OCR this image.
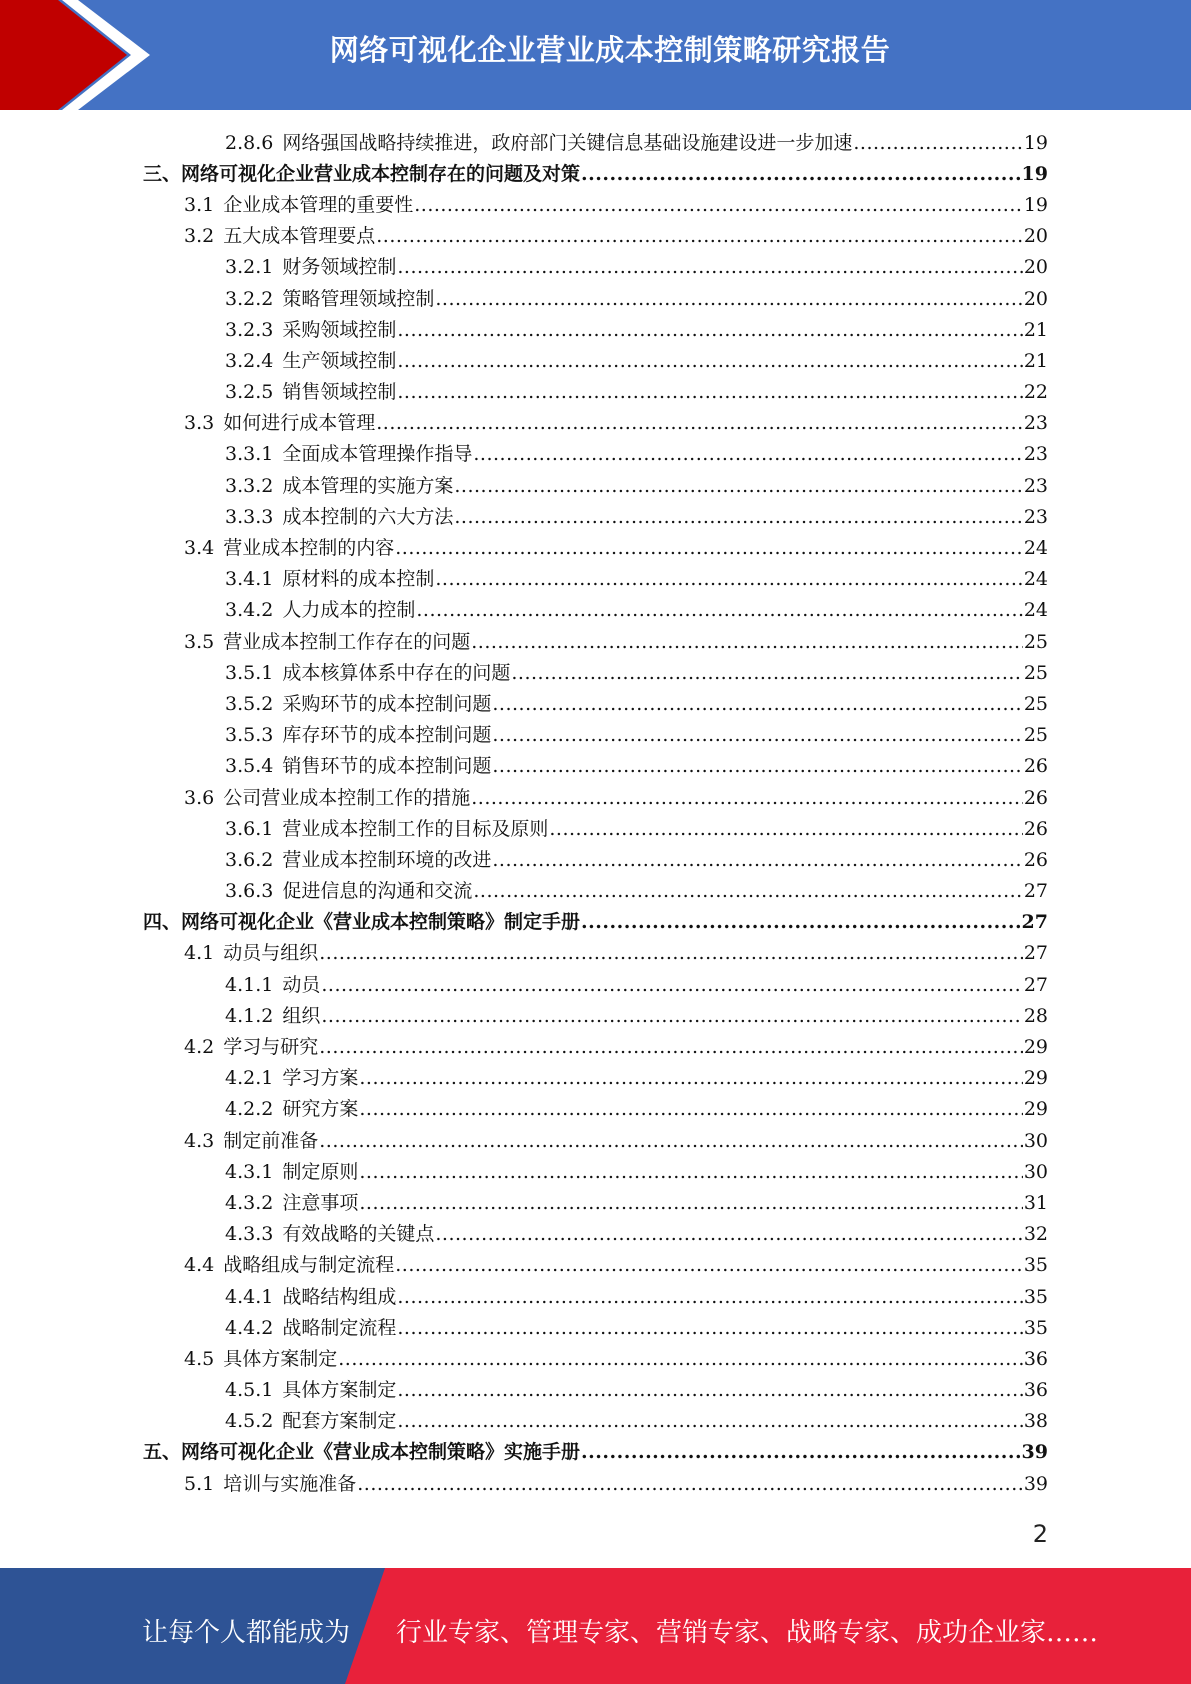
网络可视化企业营业成本控制策略研究报告
2.8.6 网络强国战略持续推进，政府部门关键信息基础设施建设进一步加速 .....	19
三、 网络可视化企业营业成本控制存在的问题及对策 .....	19
3.1 企业成本管理的重要性 .....	19
3.2 五大成本管理要点 .....	20
3.2.1 财务领域控制 .....	20
3.2.2 策略管理领域控制 .....	20
3.2.3 采购领域控制 .....	21
3.2.4 生产领域控制 .....	21
3.2.5 销售领域控制 .....	22
3.3 如何进行成本管理 .....	23
3.3.1 全面成本管理操作指导 .....	23
3.3.2 成本管理的实施方案 .....	23
3.3.3 成本控制的六大方法 .....	23
3.4 营业成本控制的内容 .....	24
3.4.1 原材料的成本控制 .....	24
3.4.2 人力成本的控制 .....	24
3.5 营业成本控制工作存在的问题 .....	25
3.5.1 成本核算体系中存在的问题 .....	25
3.5.2 采购环节的成本控制问题 .....	25
3.5.3 库存环节的成本控制问题 .....	25
3.5.4 销售环节的成本控制问题 .....	26
3.6 公司营业成本控制工作的措施 .....	26
3.6.1 营业成本控制工作的目标及原则 .....	26
3.6.2 营业成本控制环境的改进 .....	26
3.6.3 促进信息的沟通和交流 .....	27
四、 网络可视化企业《营业成本控制策略》制定手册 .....	27
4.1 动员与组织 .....	27
4.1.1 动员 .....	27
4.1.2 组织 .....	28
4.2 学习与研究 .....	29
4.2.1 学习方案 .....	29
4.2.2 研究方案 .....	29
4.3 制定前准备 .....	30
4.3.1 制定原则 .....	30
4.3.2 注意事项 .....	31
4.3.3 有效战略的关键点 .....	32
4.4 战略组成与制定流程 .....	35
4.4.1 战略结构组成 .....	35
4.4.2 战略制定流程 .....	35
4.5 具体方案制定 .....	36
4.5.1 具体方案制定 .....	36
4.5.2 配套方案制定 .....	38
五、 网络可视化企业《营业成本控制策略》实施手册 .....	39
5.1 培训与实施准备 .....	39
2
让每个人都能成为 行业专家、管理专家、营销专家、战略专家、成功企业家……
